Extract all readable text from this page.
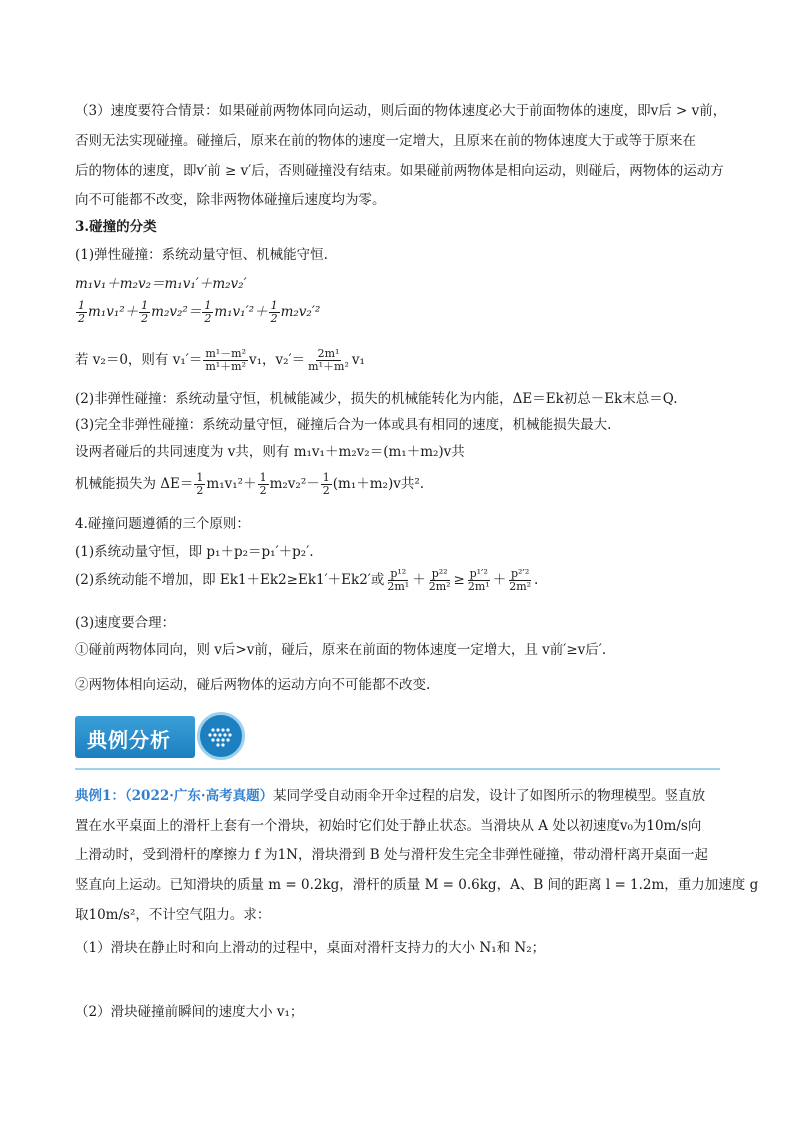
（3）速度要符合情景：如果碰前两物体同向运动，则后面的物体速度必大于前面物体的速度，即v后 > v前，
否则无法实现碰撞。碰撞后，原来在前的物体的速度一定增大，且原来在前的物体速度大于或等于原来在
后的物体的速度，即v′前 ≥ v′后，否则碰撞没有结束。如果碰前两物体是相向运动，则碰后，两物体的运动方
向不可能都不改变，除非两物体碰撞后速度均为零。
3.碰撞的分类
(1)弹性碰撞：系统动量守恒、机械能守恒.
m₁v₁＋m₂v₂＝m₁v₁′＋m₂v₂′
$\frac{1}{2} m_1v_1^2+ \frac{1}{2} m_2v_2^2= \frac{1}{2} m_1v_1'^2+ \frac{1}{2} m_2v_2'^2$
若 v₂＝0，则有 $v_1'= \frac{\text{m¹－m²}}{\text{m¹＋m²}} v_1$，$v_2'= \frac{\text{2m¹}}{\text{m¹＋m²}} v_1$
(2)非弹性碰撞：系统动量守恒，机械能减少，损失的机械能转化为内能，ΔE＝Ek初总－Ek末总＝Q.
(3)完全非弹性碰撞：系统动量守恒，碰撞后合为一体或具有相同的速度，机械能损失最大.
设两者碰后的共同速度为 v共，则有 m₁v₁＋m₂v₂＝(m₁＋m₂)v共
机械能损失为 $\Delta E= \frac{1}{2} m_1v_1^2+ \frac{1}{2} m_2v_2^2- \frac{1}{2} (m_1+m_2)v$共².
4.碰撞问题遵循的三个原则：
(1)系统动量守恒，即 p₁＋p₂＝p₁′＋p₂′.
(2)系统动能不增加，即 Ek1＋Ek2≥Ek1′＋Ek2′或 $\frac{\text{p¹²}}{\text{2m¹}} + \frac{\text{p²²}}{\text{2m²}} \ge \frac{\text{p¹′²}}{\text{2m¹}} + \frac{\text{p²′²}}{\text{2m²}}$ .
(3)速度要合理：
①碰前两物体同向，则 v后>v前，碰后，原来在前面的物体速度一定增大，且 v前′≥v后′.
②两物体相向运动，碰后两物体的运动方向不可能都不改变.
典例分析
典例1：（2022·广东·高考真题）某同学受自动雨伞开伞过程的启发，设计了如图所示的物理模型。竖直放
置在水平桌面上的滑杆上套有一个滑块，初始时它们处于静止状态。当滑块从 A 处以初速度v₀为10m/s向
上滑动时，受到滑杆的摩擦力 f 为1N，滑块滑到 B 处与滑杆发生完全非弹性碰撞，带动滑杆离开桌面一起
竖直向上运动。已知滑块的质量 m = 0.2kg，滑杆的质量 M = 0.6kg，A、B 间的距离 l = 1.2m，重力加速度 g
取10m/s²，不计空气阻力。求：
（1）滑块在静止时和向上滑动的过程中，桌面对滑杆支持力的大小 N₁和 N₂；
（2）滑块碰撞前瞬间的速度大小 v₁；
